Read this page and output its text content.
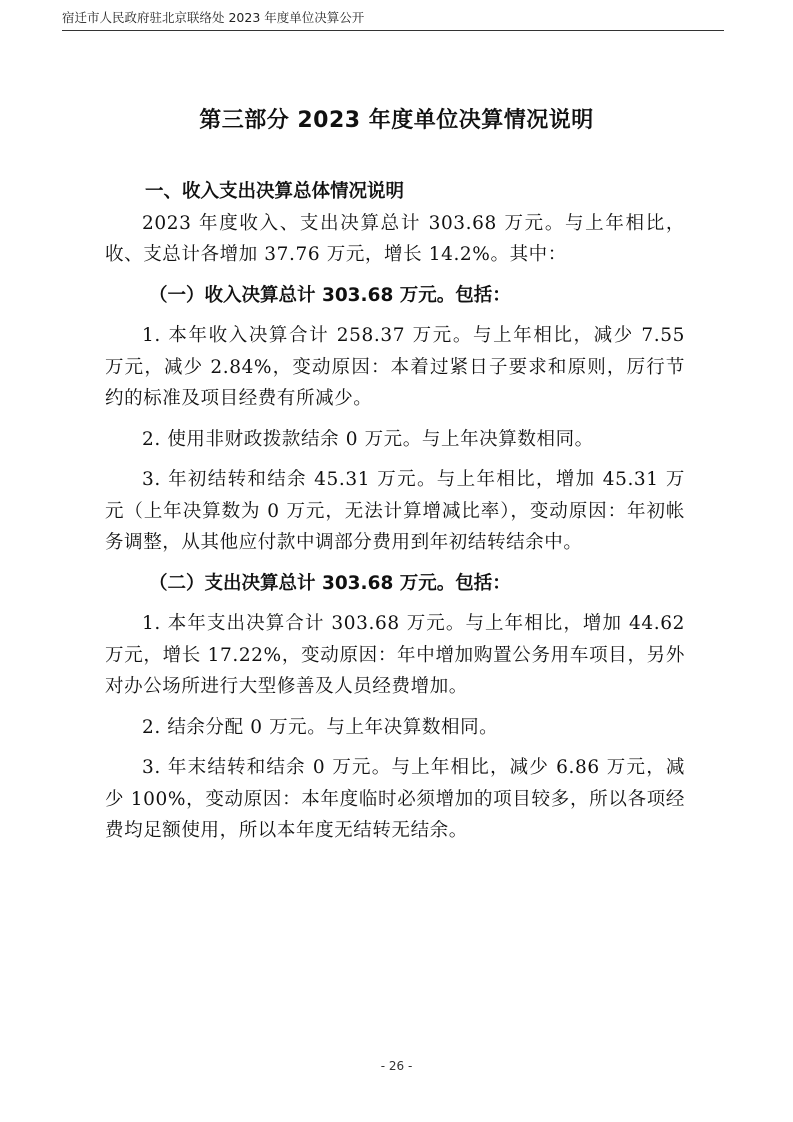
宿迁市人民政府驻北京联络处 2023 年度单位决算公开
第三部分 2023 年度单位决算情况说明
一、收入支出决算总体情况说明

2023 年度收入、支出决算总计 303.68 万元。与上年相比，收、支总计各增加 37.76 万元，增长 14.2%。其中：

（一）收入决算总计 303.68 万元。包括：

1. 本年收入决算合计 258.37 万元。与上年相比，减少 7.55 万元，减少 2.84%，变动原因：本着过紧日子要求和原则，厉行节约的标准及项目经费有所减少。

2. 使用非财政拨款结余 0 万元。与上年决算数相同。

3. 年初结转和结余 45.31 万元。与上年相比，增加 45.31 万元（上年决算数为 0 万元，无法计算增减比率），变动原因：年初帐务调整，从其他应付款中调部分费用到年初结转结余中。

（二）支出决算总计 303.68 万元。包括：

1. 本年支出决算合计 303.68 万元。与上年相比，增加 44.62 万元，增长 17.22%，变动原因：年中增加购置公务用车项目，另外对办公场所进行大型修善及人员经费增加。

2. 结余分配 0 万元。与上年决算数相同。

3. 年末结转和结余 0 万元。与上年相比，减少 6.86 万元，减少 100%，变动原因：本年度临时必须增加的项目较多，所以各项经费均足额使用，所以本年度无结转无结余。

- 26 -
